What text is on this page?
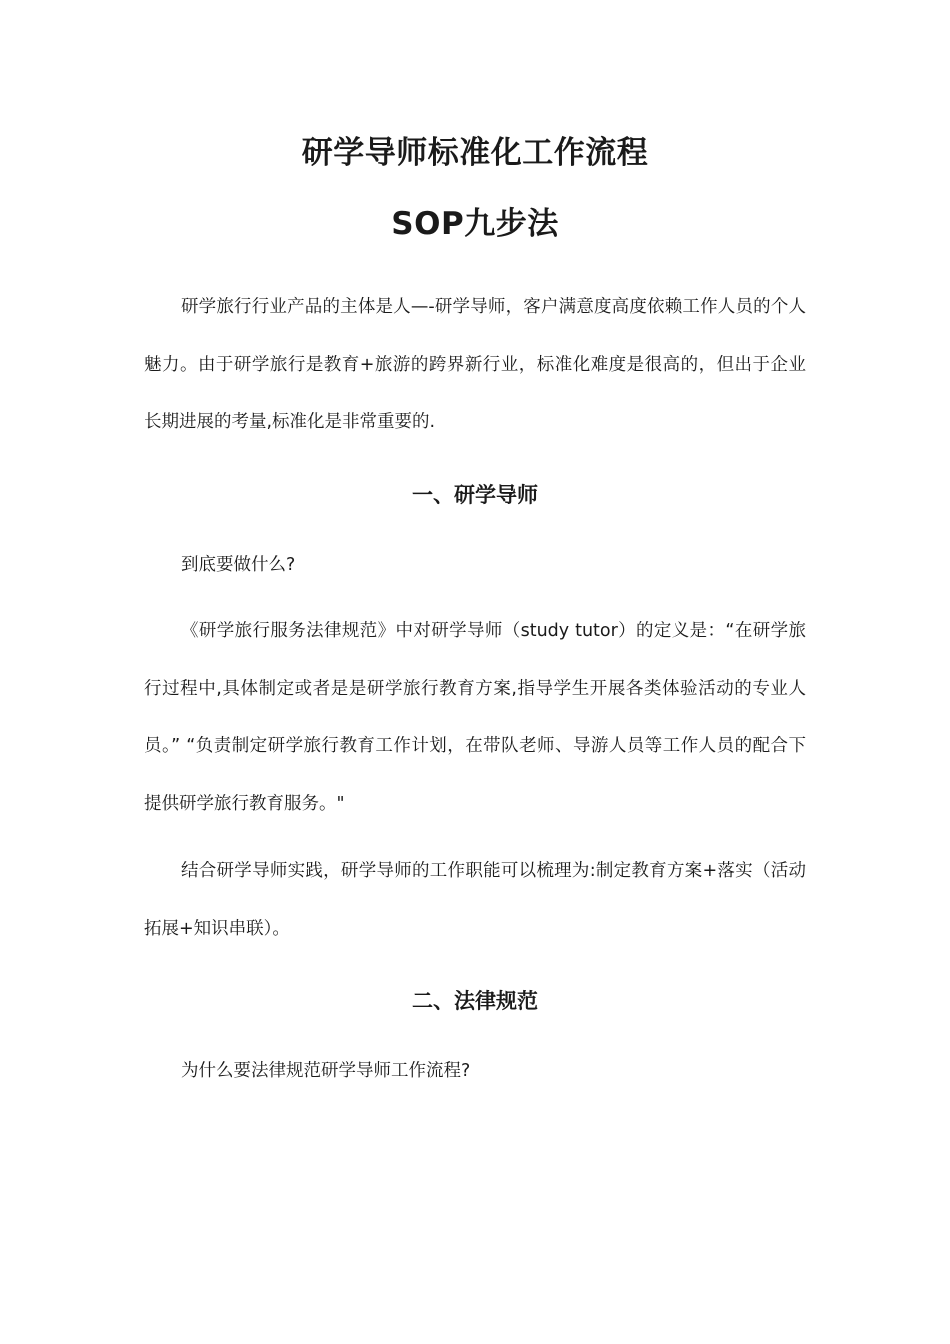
研学导师标准化工作流程
SOP九步法

研学旅行行业产品的主体是人—-研学导师，客户满意度高度依赖工作人员的个人魅力。由于研学旅行是教育+旅游的跨界新行业，标准化难度是很高的，但出于企业长期进展的考量,标准化是非常重要的.

一、研学导师

到底要做什么?

《研学旅行服务法律规范》中对研学导师（study tutor）的定义是：“在研学旅行过程中,具体制定或者是是研学旅行教育方案,指导学生开展各类体验活动的专业人员。” “负责制定研学旅行教育工作计划，在带队老师、导游人员等工作人员的配合下提供研学旅行教育服务。"

结合研学导师实践，研学导师的工作职能可以梳理为:制定教育方案+落实（活动拓展+知识串联）。

二、法律规范

为什么要法律规范研学导师工作流程?
